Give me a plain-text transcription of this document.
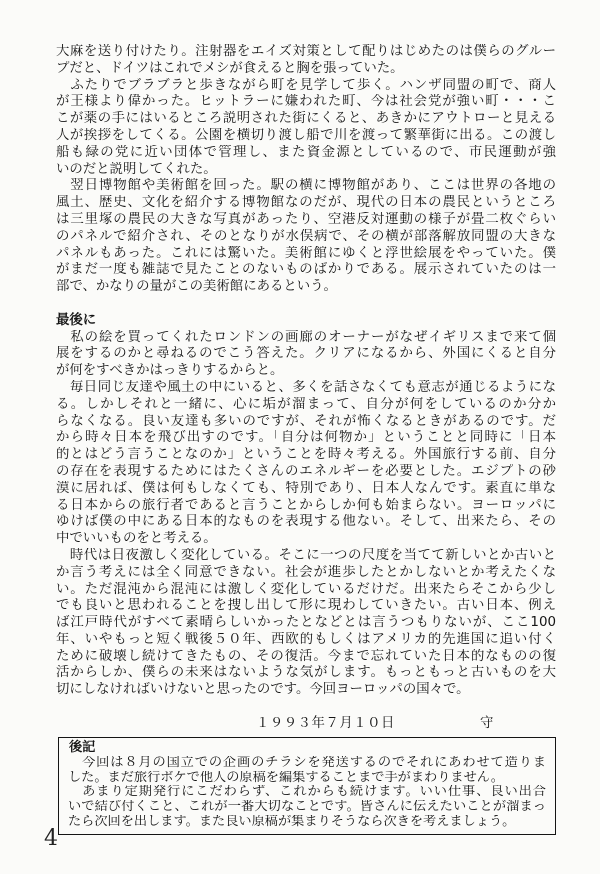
大麻を送り付けたり。注射器をエイズ対策として配りはじめたのは僕らのグルー
プだと、ドイツはこれでメシが食えると胸を張っていた。
　ふたりでブラブラと歩きながら町を見学して歩く。ハンザ同盟の町で、商人
が王様より偉かった。ヒットラーに嫌われた町、今は社会党が強い町・・・こ
こが薬の手にはいるところ説明された街にくると、あきかにアウトローと見える
人が挨拶をしてくる。公園を横切り渡し船で川を渡って繁華街に出る。この渡し
船も緑の党に近い団体で管理し、また資金源としているので、市民運動が強
いのだと説明してくれた。
　翌日博物館や美術館を回った。駅の横に博物館があり、ここは世界の各地の
風土、歴史、文化を紹介する博物館なのだが、現代の日本の農民というところ
は三里塚の農民の大きな写真があったり、空港反対運動の様子が畳二枚ぐらい
のパネルで紹介され、そのとなりが水俣病で、その横が部落解放同盟の大きな
パネルもあった。これには驚いた。美術館にゆくと浮世絵展をやっていた。僕
がまだ一度も雑誌で見たことのないものばかりである。展示されていたのは一
部で、かなりの量がこの美術館にあるという。
最後に
　私の絵を買ってくれたロンドンの画廊のオーナーがなぜイギリスまで来て個
展をするのかと尋ねるのでこう答えた。クリアになるから、外国にくると自分
が何をすべきかはっきりするからと。
　毎日同じ友達や風土の中にいると、多くを話さなくても意志が通じるようにな
る。しかしそれと一緒に、心に垢が溜まって、自分が何をしているのか分か
らなくなる。良い友達も多いのですが、それが怖くなるときがあるのです。だ
から時々日本を飛び出すのです。「自分は何物か」ということと同時に「日本
的とはどう言うことなのか」ということを時々考える。外国旅行する前、自分
の存在を表現するためにはたくさんのエネルギーを必要とした。エジプトの砂
漠に居れば、僕は何もしなくても、特別であり、日本人なんです。素直に単な
る日本からの旅行者であると言うことからしか何も始まらない。ヨーロッパに
ゆけば僕の中にある日本的なものを表現する他ない。そして、出来たら、その
中でいいものをと考える。
　時代は日夜激しく変化している。そこに一つの尺度を当てて新しいとか古いと
か言う考えには全く同意できない。社会が進歩したとかしないとか考えたくな
い。ただ混沌から混沌には激しく変化しているだけだ。出来たらそこから少し
でも良いと思われることを捜し出して形に現わしていきたい。古い日本、例え
ば江戸時代がすべて素晴らしいかったとなどとは言うつもりないが、ここ100
年、いやもっと短く戦後５０年、西欧的もしくはアメリカ的先進国に追い付く
ために破壊し続けてきたもの、その復活。今まで忘れていた日本的なものの復
活からしか、僕らの未来はないような気がします。もっともっと古いものを大
切にしなければいけないと思ったのです。今回ヨーロッパの国々で。
１９９３年７月１０日	守
後記
　今回は８月の国立での企画のチラシを発送するのでそれにあわせて造りま
した。まだ旅行ボケで他人の原稿を編集することまで手がまわりません。
　あまり定期発行にこだわらず、これからも続けます。いい仕事、良い出合
いで結び付くこと、これが一番大切なことです。皆さんに伝えたいことが溜まっ
たら次回を出します。また良い原稿が集まりそうなら次きを考えましょう。
4
